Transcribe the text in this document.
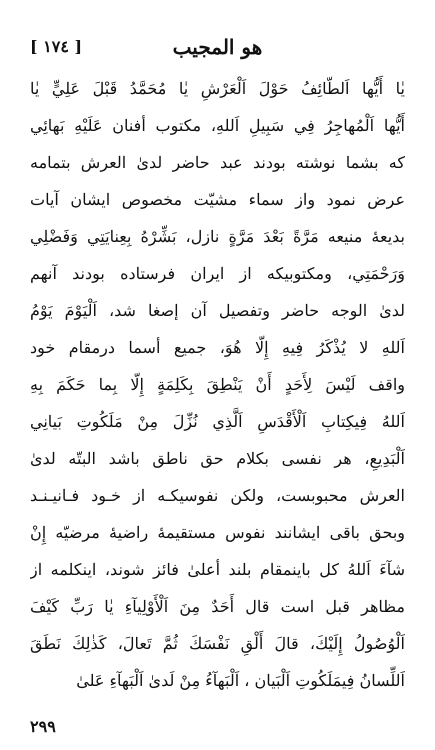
هو المجيب
[ ١٧٤ ]
يٰا أَيُّها اَلطّائِفُ حَوْلَ اَلْعَرْشِ يٰا مُحَمَّدُ قَبْلَ عَلِيٍّ يٰا
أَيُّها اَلْمُهاجِرُ فِي سَبِيلِ اَللهِ، مكتوب أفنان عَلَيْهِ بَهائِي
كه بشما نوشته بودند عبد حاضر لدىٰ العرش بتمامه
عرض نمود واز سماء مشيّت مخصوص ايشان آيات
بديعهٔ منيعه مَرَّةً بَعْدَ مَرَّةٍ نازل، بَشِّرْهُ بِعِنايَتِي وَفَضْلِي
وَرَحْمَتِي، ومكتوبيكه از ايران فرستاده بودند آنهم
لدىٰ الوجه حاضر وتفصيل آن إصغا شد، اَلْيَوْمَ يَوْمُ
اَللهِ لا يُذْكَرُ فِيهِ إِلّا هُوَ، جميع أسما درمقام خود
واقف لَيْسَ لِأَحَدٍ أَنْ يَنْطِقَ بِكَلِمَةٍ إِلّا بِما حَكَمَ بِهِ
اَللهُ فِيكِتابِ اَلْأَقْدَسِ اَلَّذِي نُزِّلَ مِنْ مَلَكُوتِ بَيانِي
اَلْبَدِيعِ، هر نفسى بكلام حق ناطق باشد البتّه لدىٰ
العرش محبوبست، ولكن نفوسيكـه از خـود فـانيـنـد
وبحق باقى ايشانند نفوس مستقيمهٔ راضيهٔ مرضيّه إِنْ
شآءَ اَللهُ كل باينمقام بلند أعلىٰ فائز شوند، اينكلمه از
مظاهر قبل است قال أَحَدٌ مِنَ اَلْأَوْلِيآءِ يٰا رَبِّ كَيْفَ
اَلْوُصُولُ إِلَيْكَ، قالَ أَلْقِ نَفْسَكَ ثُمَّ تَعالَ، كَذٰلِكَ نَطَقَ
اَللِّسانُ فِيمَلَكُوتِ اَلْبَيان ، اَلْبَهآءُ مِنْ لَدىٰ اَلْبَهآءِ عَلىٰ
٢٩٩
